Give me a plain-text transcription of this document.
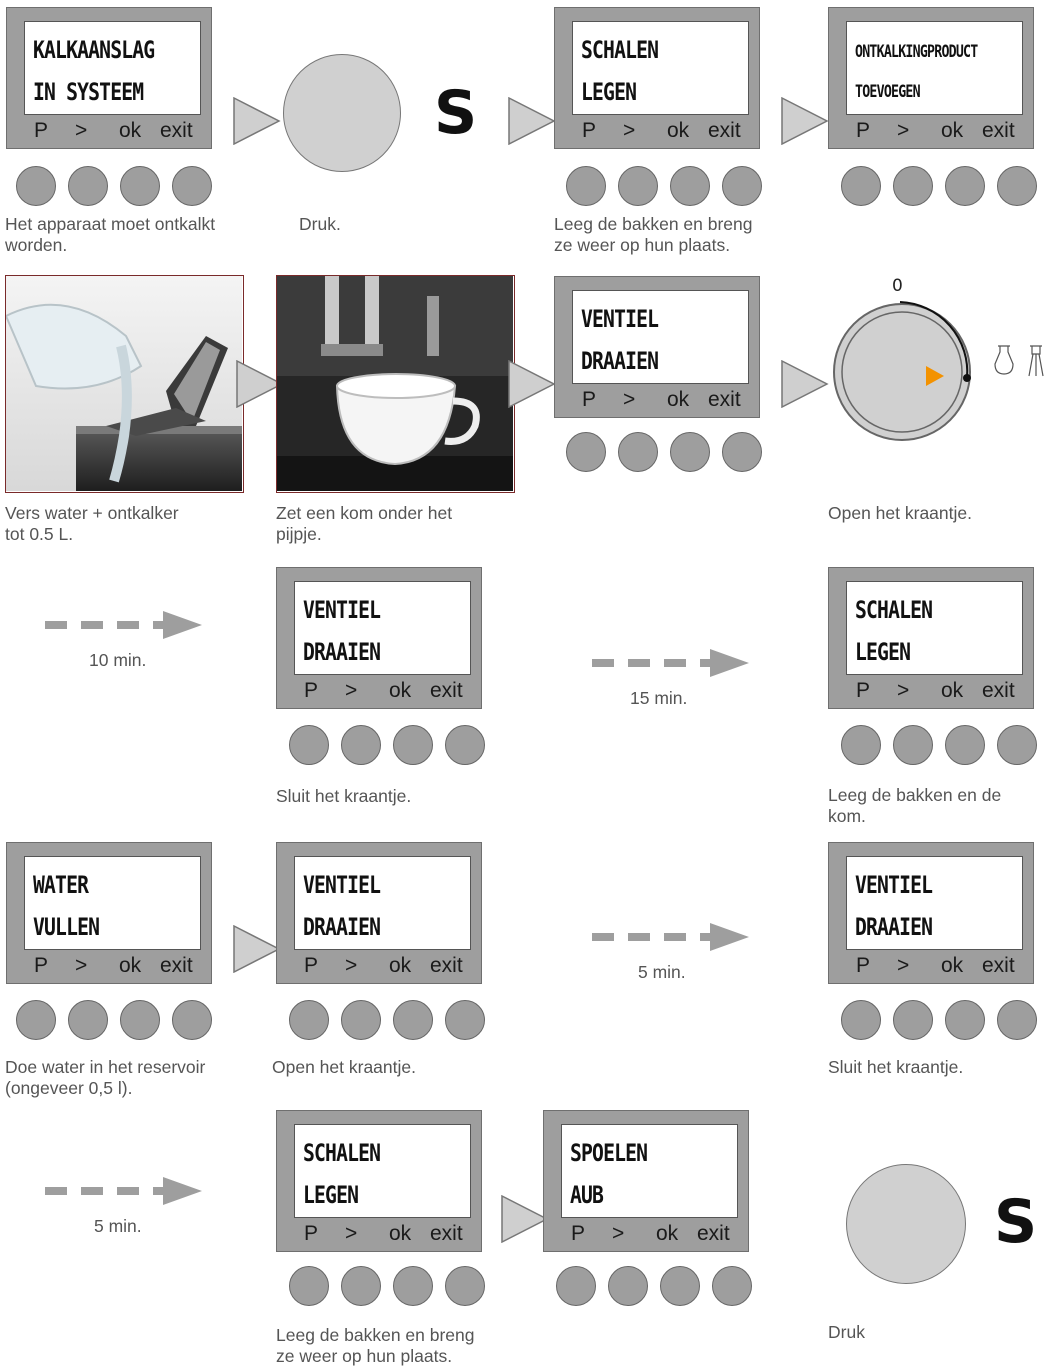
KALKAANSLAG
IN SYSTEEM
P > ok exit
Het apparaat moet ontkalkt
worden.
S
Druk.
SCHALEN
LEGEN
P > ok exit
Leeg de bakken en breng
ze weer op hun plaats.
ONTKALKINGPRODUCT
TOEVOEGEN
P > ok exit
Vers water + ontkalker
tot 0.5 L.
Zet een kom onder het
pijpje.
VENTIEL
DRAAIEN
P > ok exit
0
Open het kraantje.
10 min.
VENTIEL
DRAAIEN
P > ok exit
Sluit het kraantje.
15 min.
SCHALEN
LEGEN
P > ok exit
Leeg de bakken en de
kom.
WATER
VULLEN
P > ok exit
Doe water in het reservoir
(ongeveer 0,5 l).
VENTIEL
DRAAIEN
P > ok exit
Open het kraantje.
5 min.
VENTIEL
DRAAIEN
P > ok exit
Sluit het kraantje.
5 min.
SCHALEN
LEGEN
P > ok exit
Leeg de bakken en breng
ze weer op hun plaats.
SPOELEN
AUB
P > ok exit	S
Druk
